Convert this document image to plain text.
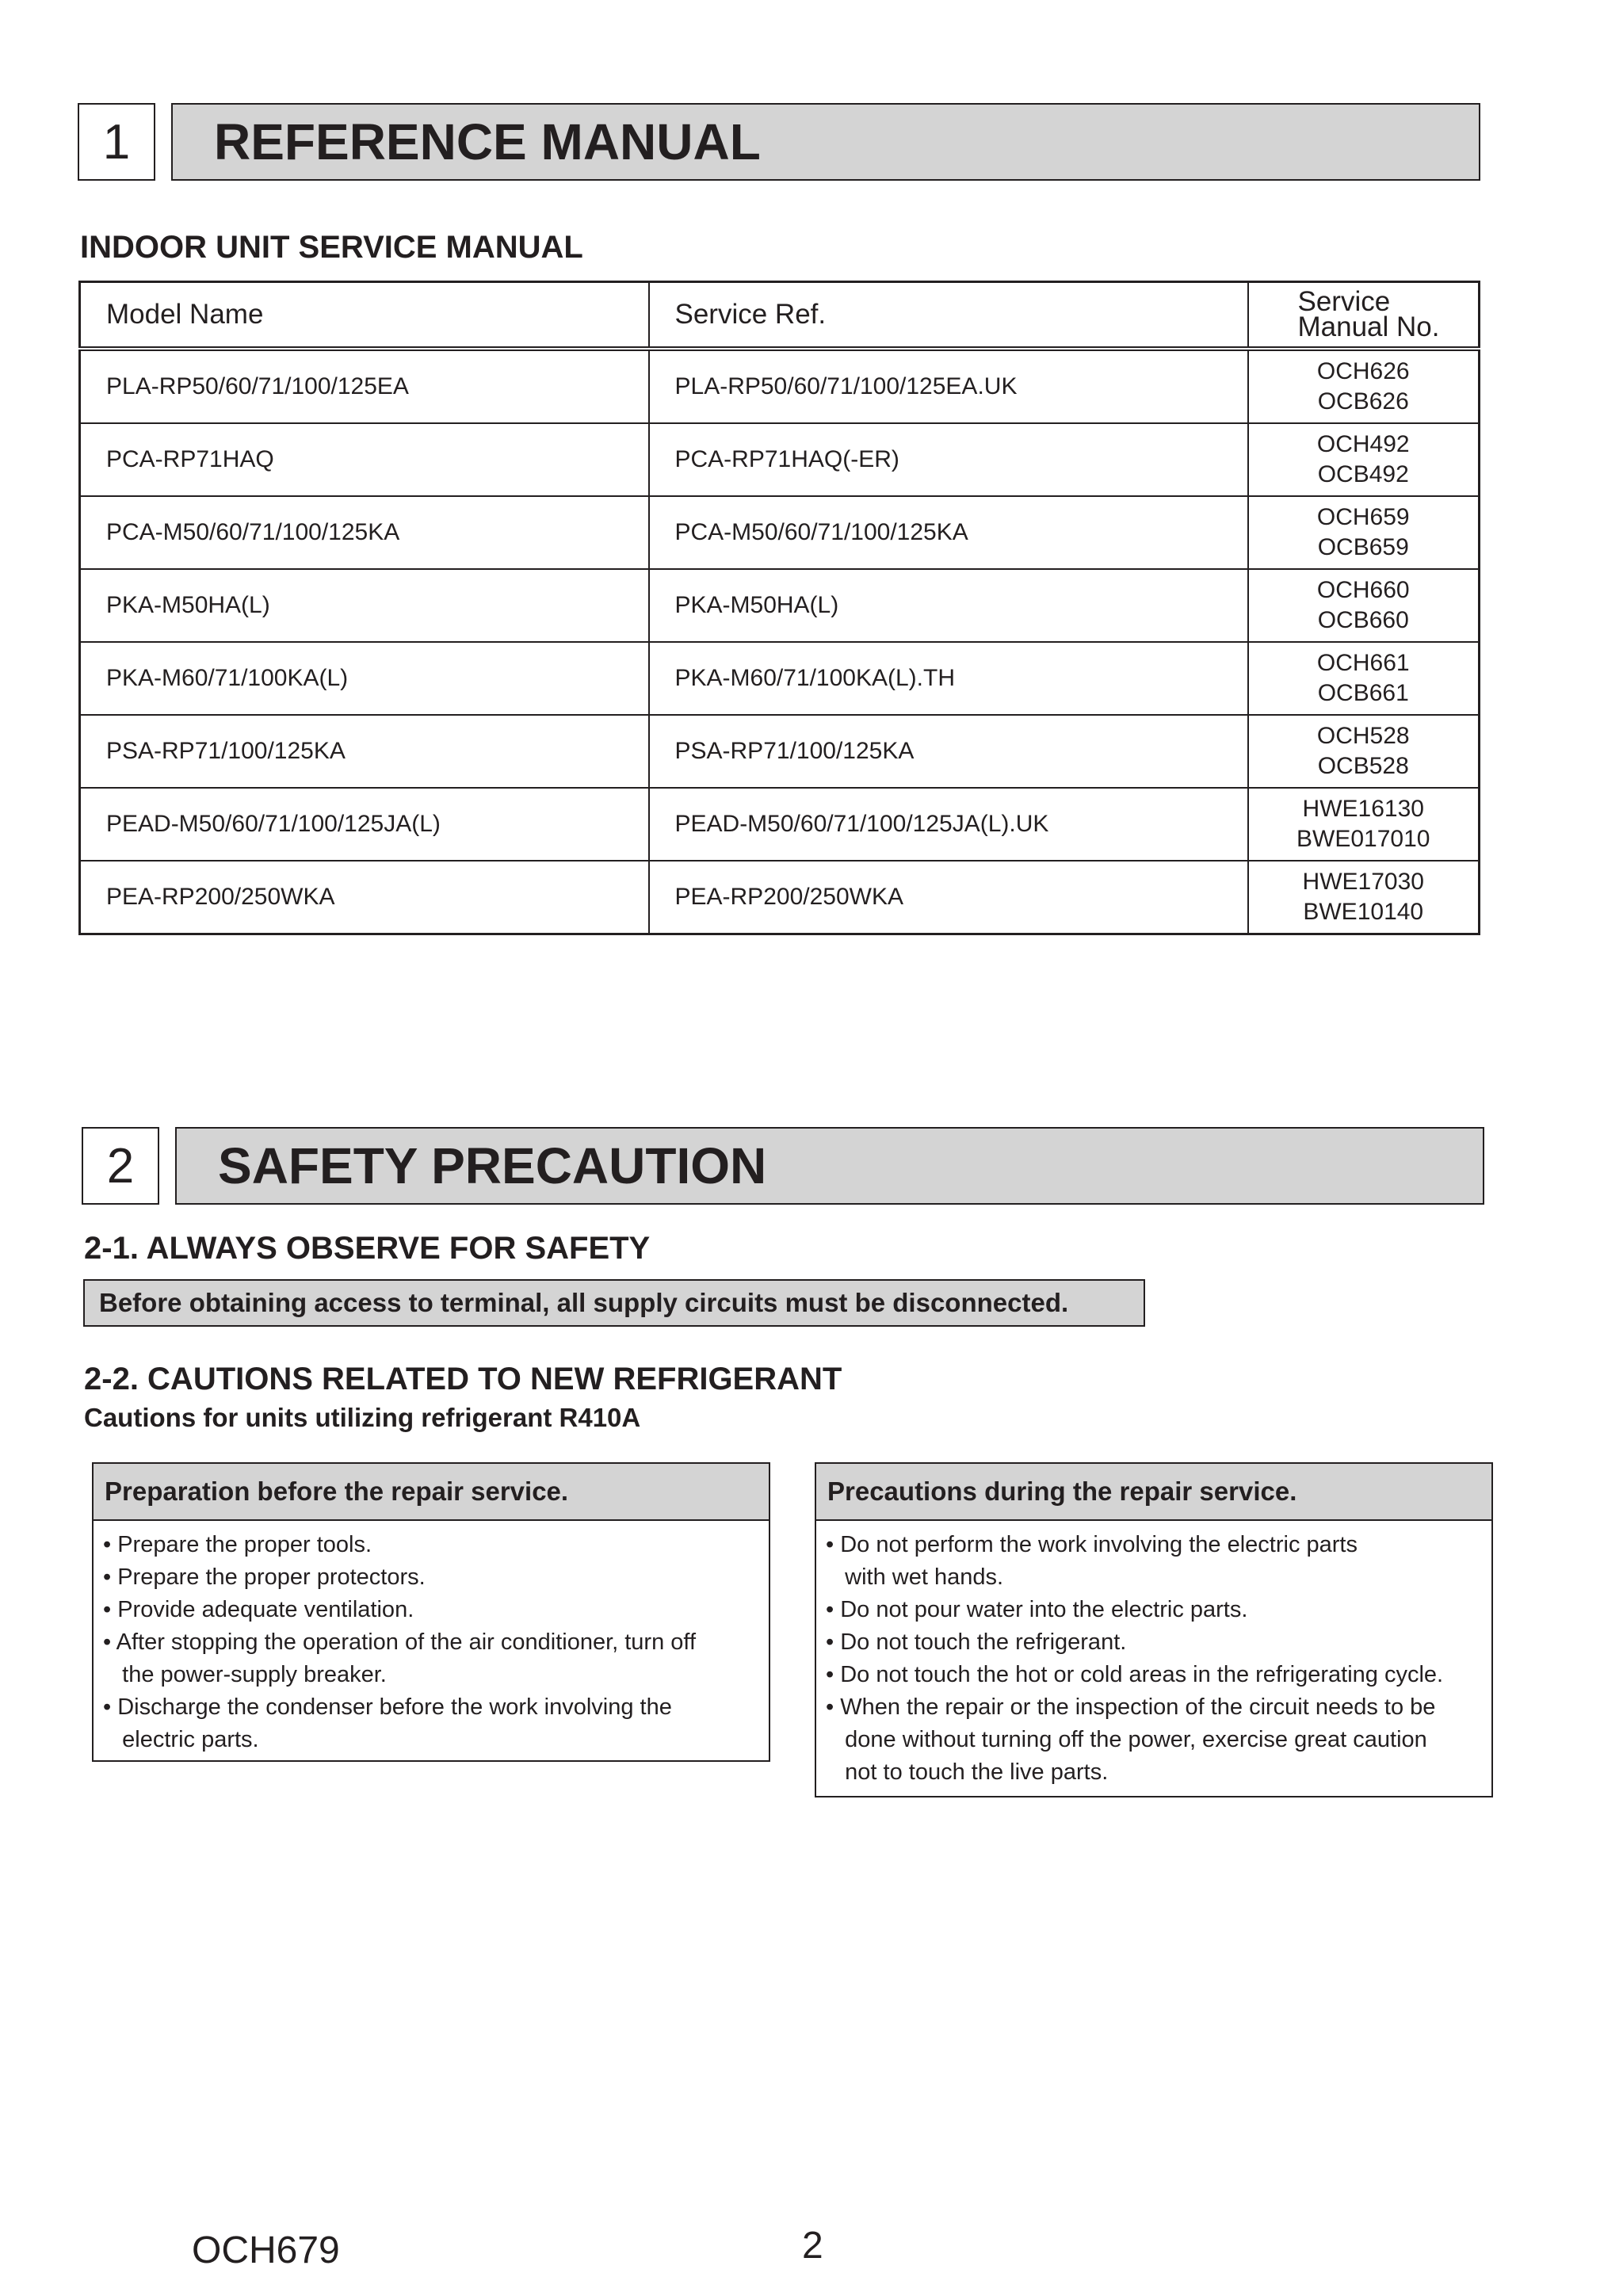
1	REFERENCE MANUAL
INDOOR UNIT SERVICE MANUAL
Model Name	Service Ref.	Service
Manual No.

PLA-RP50/60/71/100/125EA	PLA-RP50/60/71/100/125EA.UK	OCH626
OCB626

PCA-RP71HAQ	PCA-RP71HAQ(-ER)	OCH492
OCB492

PCA-M50/60/71/100/125KA	PCA-M50/60/71/100/125KA	OCH659
OCB659

PKA-M50HA(L)	PKA-M50HA(L)	OCH660
OCB660

PKA-M60/71/100KA(L)	PKA-M60/71/100KA(L).TH	OCH661
OCB661

PSA-RP71/100/125KA	PSA-RP71/100/125KA	OCH528
OCB528

PEAD-M50/60/71/100/125JA(L)	PEAD-M50/60/71/100/125JA(L).UK	HWE16130
BWE017010

PEA-RP200/250WKA	PEA-RP200/250WKA	HWE17030
BWE10140
2	SAFETY PRECAUTION
2-1. ALWAYS OBSERVE FOR SAFETY
Before obtaining access to terminal, all supply circuits must be disconnected.
2-2. CAUTIONS RELATED TO NEW REFRIGERANT
Cautions for units utilizing refrigerant R410A
Preparation before the repair service.
• Prepare the proper tools.
• Prepare the proper protectors.
• Provide adequate ventilation.
• After stopping the operation of the air conditioner, turn off
the power-supply breaker.
• Discharge the condenser before the work involving the
electric parts.
Precautions during the repair service.
• Do not perform the work involving the electric parts
with wet hands.
• Do not pour water into the electric parts.
• Do not touch the refrigerant.
• Do not touch the hot or cold areas in the refrigerating cycle.
• When the repair or the inspection of the circuit needs to be
done without turning off the power, exercise great caution
not to touch the live parts.
OCH679	2
